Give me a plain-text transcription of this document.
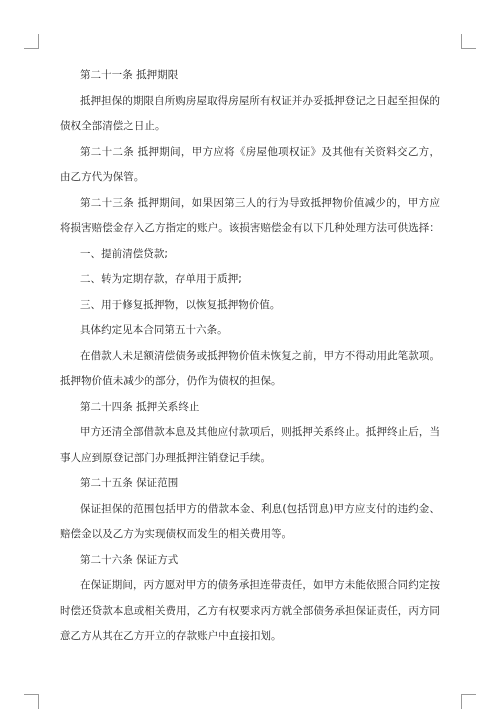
第二十一条 抵押期限

抵押担保的期限自所购房屋取得房屋所有权证并办妥抵押登记之日起至担保的债权全部清偿之日止。

第二十二条 抵押期间，甲方应将《房屋他项权证》及其他有关资料交乙方，由乙方代为保管。

第二十三条 抵押期间，如果因第三人的行为导致抵押物价值减少的，甲方应将损害赔偿金存入乙方指定的账户。该损害赔偿金有以下几种处理方法可供选择：

一、提前清偿贷款;

二、转为定期存款，存单用于质押;

三、用于修复抵押物，以恢复抵押物价值。

具体约定见本合同第五十六条。

在借款人未足额清偿债务或抵押物价值未恢复之前，甲方不得动用此笔款项。抵押物价值未减少的部分，仍作为债权的担保。

第二十四条 抵押关系终止

甲方还清全部借款本息及其他应付款项后，则抵押关系终止。抵押终止后，当事人应到原登记部门办理抵押注销登记手续。

第二十五条 保证范围

保证担保的范围包括甲方的借款本金、利息(包括罚息)甲方应支付的违约金、赔偿金以及乙方为实现债权而发生的相关费用等。

第二十六条 保证方式

在保证期间，丙方愿对甲方的债务承担连带责任，如甲方未能依照合同约定按时偿还贷款本息或相关费用，乙方有权要求丙方就全部债务承担保证责任，丙方同意乙方从其在乙方开立的存款账户中直接扣划。
